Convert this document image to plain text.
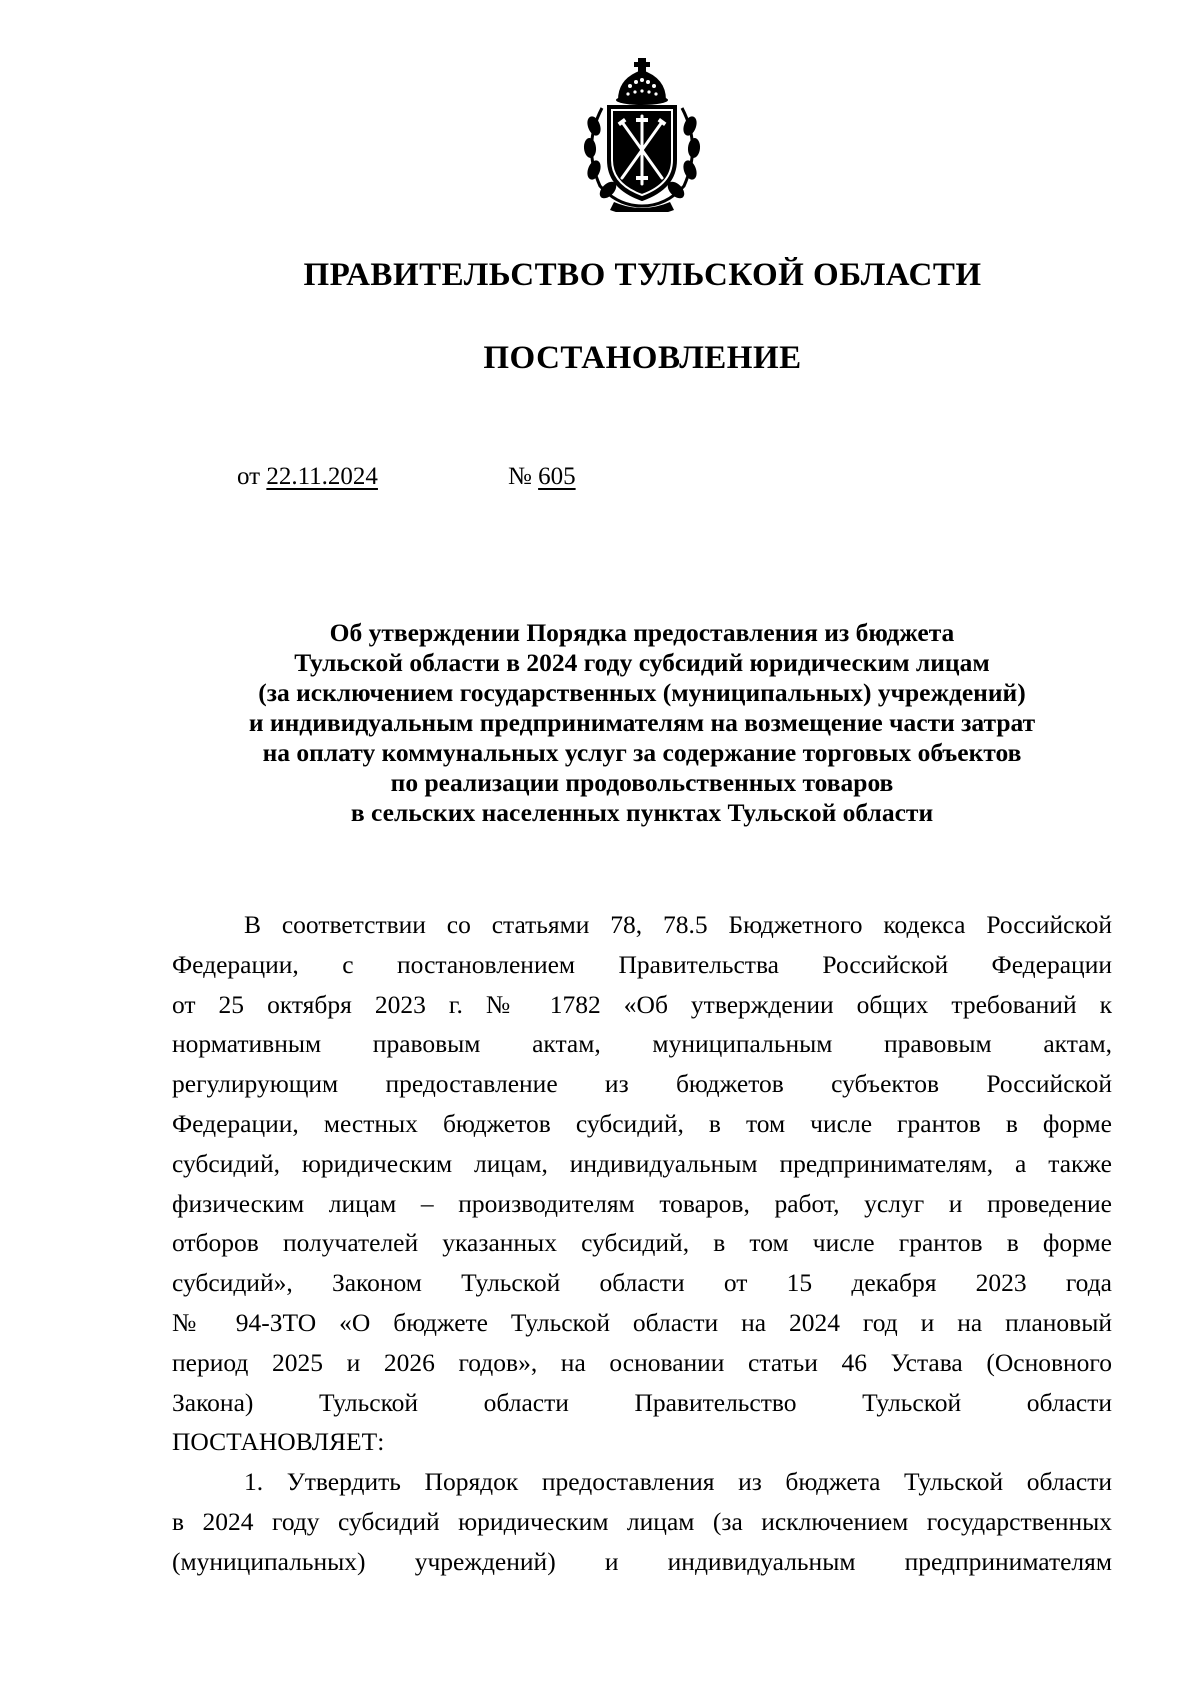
ПРАВИТЕЛЬСТВО ТУЛЬСКОЙ ОБЛАСТИ
ПОСТАНОВЛЕНИЕ
от 22.11.2024	№ 605
Об утверждении Порядка предоставления из бюджета
Тульской области в 2024 году субсидий юридическим лицам
(за исключением государственных (муниципальных) учреждений)
и индивидуальным предпринимателям на возмещение части затрат
на оплату коммунальных услуг за содержание торговых объектов
по реализации продовольственных товаров
в сельских населенных пунктах Тульской области
В соответствии со статьями 78, 78.5 Бюджетного кодекса Российской
Федерации, с постановлением Правительства Российской Федерации
от 25 октября 2023 г. № 1782 «Об утверждении общих требований к
нормативным правовым актам, муниципальным правовым актам,
регулирующим предоставление из бюджетов субъектов Российской
Федерации, местных бюджетов субсидий, в том числе грантов в форме
субсидий, юридическим лицам, индивидуальным предпринимателям, а также
физическим лицам – производителям товаров, работ, услуг и проведение
отборов получателей указанных субсидий, в том числе грантов в форме
субсидий», Законом Тульской области от 15 декабря 2023 года
№ 94-ЗТО «О бюджете Тульской области на 2024 год и на плановый
период 2025 и 2026 годов», на основании статьи 46 Устава (Основного
Закона) Тульской области Правительство Тульской области
ПОСТАНОВЛЯЕТ:
1. Утвердить Порядок предоставления из бюджета Тульской области
в 2024 году субсидий юридическим лицам (за исключением государственных
(муниципальных) учреждений) и индивидуальным предпринимателям
